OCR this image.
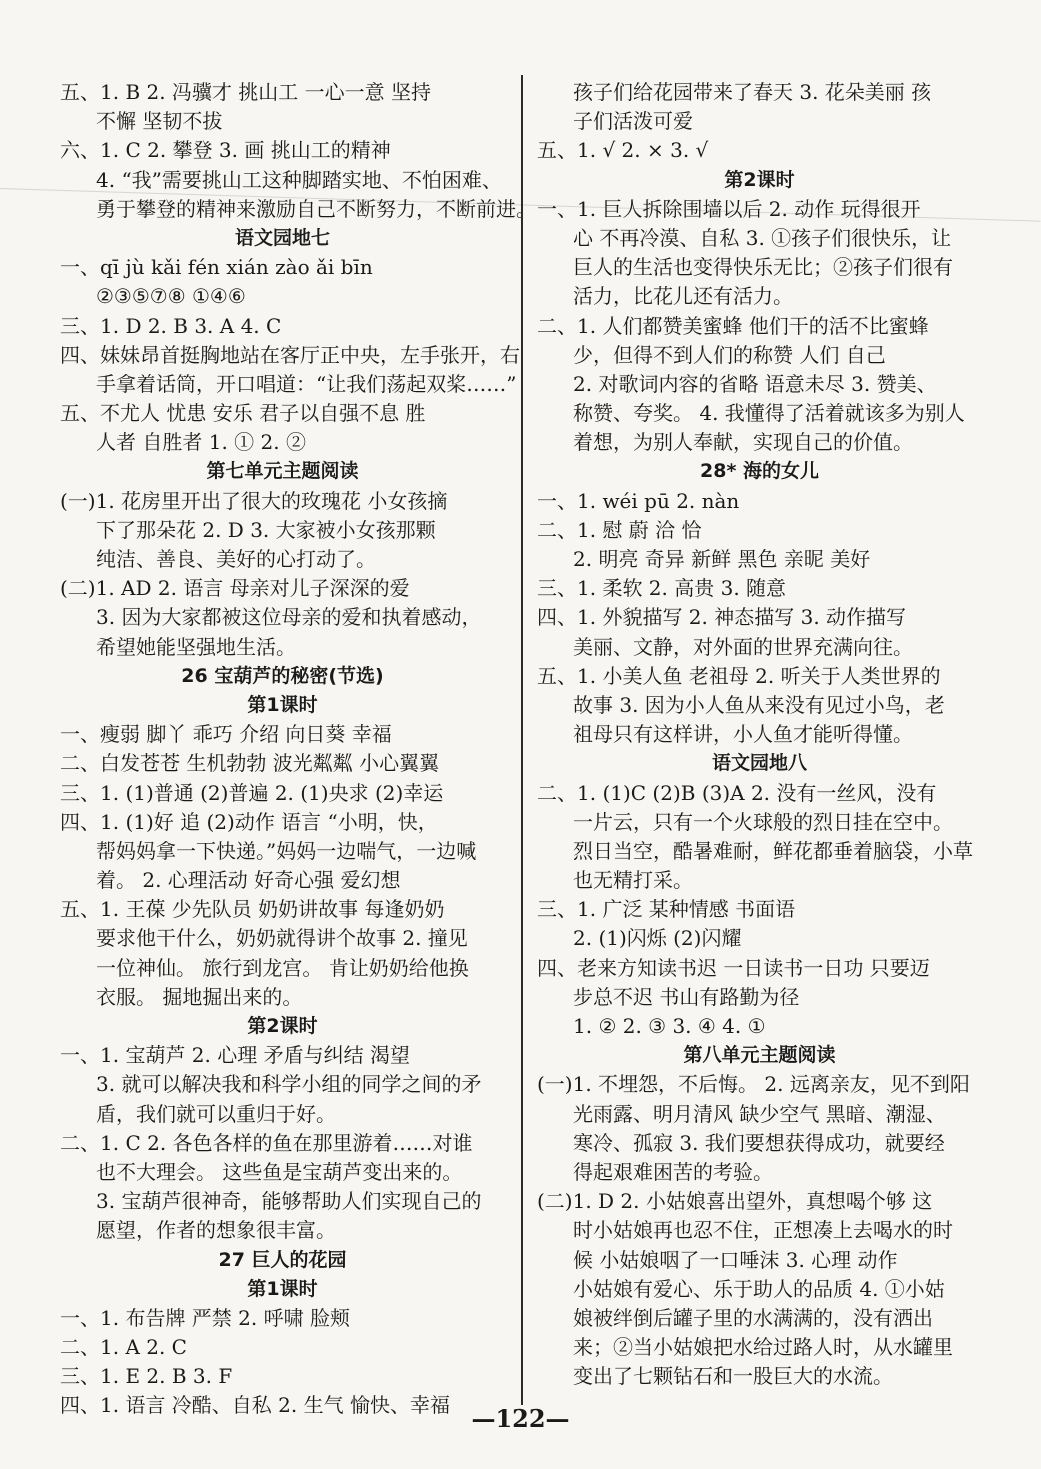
五、1. B 2. 冯骥才 挑山工 一心一意 坚持
不懈 坚韧不拔
六、1. C 2. 攀登 3. 画 挑山工的精神
4. “我”需要挑山工这种脚踏实地、不怕困难、
勇于攀登的精神来激励自己不断努力，不断前进。
语文园地七
一、qī jù kǎi fén xián zào ǎi bīn
②③⑤⑦⑧ ①④⑥
三、1. D 2. B 3. A 4. C
四、妹妹昂首挺胸地站在客厅正中央，左手张开，右
手拿着话筒，开口唱道：“让我们荡起双桨……”
五、不尤人 忧患 安乐 君子以自强不息 胜
人者 自胜者 1. ① 2. ②
第七单元主题阅读
(一)1. 花房里开出了很大的玫瑰花 小女孩摘
下了那朵花 2. D 3. 大家被小女孩那颗
纯洁、善良、美好的心打动了。
(二)1. AD 2. 语言 母亲对儿子深深的爱
3. 因为大家都被这位母亲的爱和执着感动，
希望她能坚强地生活。
26 宝葫芦的秘密(节选)
第1课时
一、瘦弱 脚丫 乖巧 介绍 向日葵 幸福
二、白发苍苍 生机勃勃 波光粼粼 小心翼翼
三、1. (1)普通 (2)普遍 2. (1)央求 (2)幸运
四、1. (1)好 追 (2)动作 语言 “小明，快，
帮妈妈拿一下快递。”妈妈一边喘气，一边喊
着。 2. 心理活动 好奇心强 爱幻想
五、1. 王葆 少先队员 奶奶讲故事 每逢奶奶
要求他干什么，奶奶就得讲个故事 2. 撞见
一位神仙。 旅行到龙宫。 肯让奶奶给他换
衣服。 掘地掘出来的。
第2课时
一、1. 宝葫芦 2. 心理 矛盾与纠结 渴望
3. 就可以解决我和科学小组的同学之间的矛
盾，我们就可以重归于好。
二、1. C 2. 各色各样的鱼在那里游着……对谁
也不大理会。 这些鱼是宝葫芦变出来的。
3. 宝葫芦很神奇，能够帮助人们实现自己的
愿望，作者的想象很丰富。
27 巨人的花园
第1课时
一、1. 布告牌 严禁 2. 呼啸 脸颊
二、1. A 2. C
三、1. E 2. B 3. F
四、1. 语言 冷酷、自私 2. 生气 愉快、幸福
孩子们给花园带来了春天 3. 花朵美丽 孩
子们活泼可爱
五、1. √ 2. × 3. √
第2课时
一、1. 巨人拆除围墙以后 2. 动作 玩得很开
心 不再冷漠、自私 3. ①孩子们很快乐，让
巨人的生活也变得快乐无比；②孩子们很有
活力，比花儿还有活力。
二、1. 人们都赞美蜜蜂 他们干的活不比蜜蜂
少，但得不到人们的称赞 人们 自己
2. 对歌词内容的省略 语意未尽 3. 赞美、
称赞、夸奖。 4. 我懂得了活着就该多为别人
着想，为别人奉献，实现自己的价值。
28* 海的女儿
一、1. wéi pū 2. nàn
二、1. 慰 蔚 洽 恰
2. 明亮 奇异 新鲜 黑色 亲昵 美好
三、1. 柔软 2. 高贵 3. 随意
四、1. 外貌描写 2. 神态描写 3. 动作描写
美丽、文静，对外面的世界充满向往。
五、1. 小美人鱼 老祖母 2. 听关于人类世界的
故事 3. 因为小人鱼从来没有见过小鸟，老
祖母只有这样讲，小人鱼才能听得懂。
语文园地八
二、1. (1)C (2)B (3)A 2. 没有一丝风，没有
一片云，只有一个火球般的烈日挂在空中。
烈日当空，酷暑难耐，鲜花都垂着脑袋，小草
也无精打采。
三、1. 广泛 某种情感 书面语
2. (1)闪烁 (2)闪耀
四、老来方知读书迟 一日读书一日功 只要迈
步总不迟 书山有路勤为径
1. ② 2. ③ 3. ④ 4. ①
第八单元主题阅读
(一)1. 不埋怨，不后悔。 2. 远离亲友，见不到阳
光雨露、明月清风 缺少空气 黑暗、潮湿、
寒冷、孤寂 3. 我们要想获得成功，就要经
得起艰难困苦的考验。
(二)1. D 2. 小姑娘喜出望外，真想喝个够 这
时小姑娘再也忍不住，正想凑上去喝水的时
候 小姑娘咽了一口唾沫 3. 心理 动作
小姑娘有爱心、乐于助人的品质 4. ①小姑
娘被绊倒后罐子里的水满满的，没有洒出
来；②当小姑娘把水给过路人时，从水罐里
变出了七颗钻石和一股巨大的水流。
—122—
